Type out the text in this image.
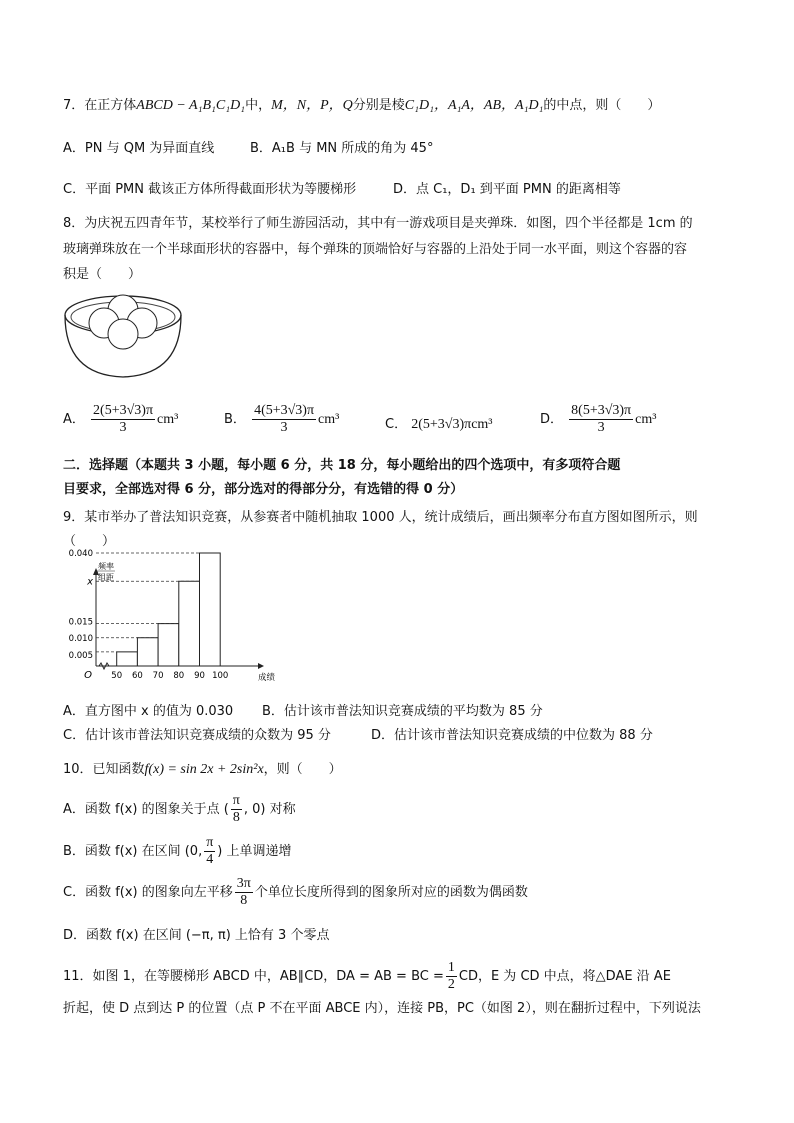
7．在正方体ABCD − A₁B₁C₁D₁中，M，N，P，Q分别是棱C₁D₁，A₁A，AB，A₁D₁的中点，则（　　）
A．PN 与 QM 为异面直线	B．A₁B 与 MN 所成的角为 45°
C．平面 PMN 截该正方体所得截面形状为等腰梯形	D．点 C₁，D₁ 到平面 PMN 的距离相等
8．为庆祝五四青年节，某校举行了师生游园活动，其中有一游戏项目是夹弹珠．如图，四个半径都是 1cm 的
玻璃弹珠放在一个半球面形状的容器中，每个弹珠的顶端恰好与容器的上沿处于同一水平面，则这个容器的容
积是（　　）
A． $\frac{2(5+3√3)\pi}{3} cm^3$	B． $\frac{4(5+3√3)\pi}{3} cm^3$	C． 2(5+3√3)πcm³	D． $\frac{8(5+3√3)\pi}{3} cm^3$
二．选择题（本题共 3 小题，每小题 6 分，共 18 分，每小题给出的四个选项中，有多项符合题
目要求，全部选对得 6 分，部分选对的得部分分，有选错的得 0 分）
9．某市举办了普法知识竞赛，从参赛者中随机抽取 1000 人，统计成绩后，画出频率分布直方图如图所示，则
（　　）
0.005
0.010
0.015
x
0.040
50 60 70 80 90 100
O	成绩
频率
组距
A．直方图中 x 的值为 0.030 B．估计该市普法知识竞赛成绩的平均数为 85 分
C．估计该市普法知识竞赛成绩的众数为 95 分	D．估计该市普法知识竞赛成绩的中位数为 88 分
10．已知函数f(x) = sin 2x + 2sin²x，则（　　）
A．函数 f(x) 的图象关于点 ( $\frac{\pi}{8}$ , 0) 对称
B．函数 f(x) 在区间 (0, $\frac{\pi}{4}$ ) 上单调递增
C．函数 f(x) 的图象向左平移 $\frac{3\pi}{8}$ 个单位长度所得到的图象所对应的函数为偶函数
D．函数 f(x) 在区间 (−π, π) 上恰有 3 个零点
11．如图 1，在等腰梯形 ABCD 中，AB∥CD，DA = AB = BC = $\frac{1}{2}$ CD，E 为 CD 中点，将△DAE 沿 AE
折起，使 D 点到达 P 的位置（点 P 不在平面 ABCE 内），连接 PB，PC（如图 2），则在翻折过程中，下列说法
